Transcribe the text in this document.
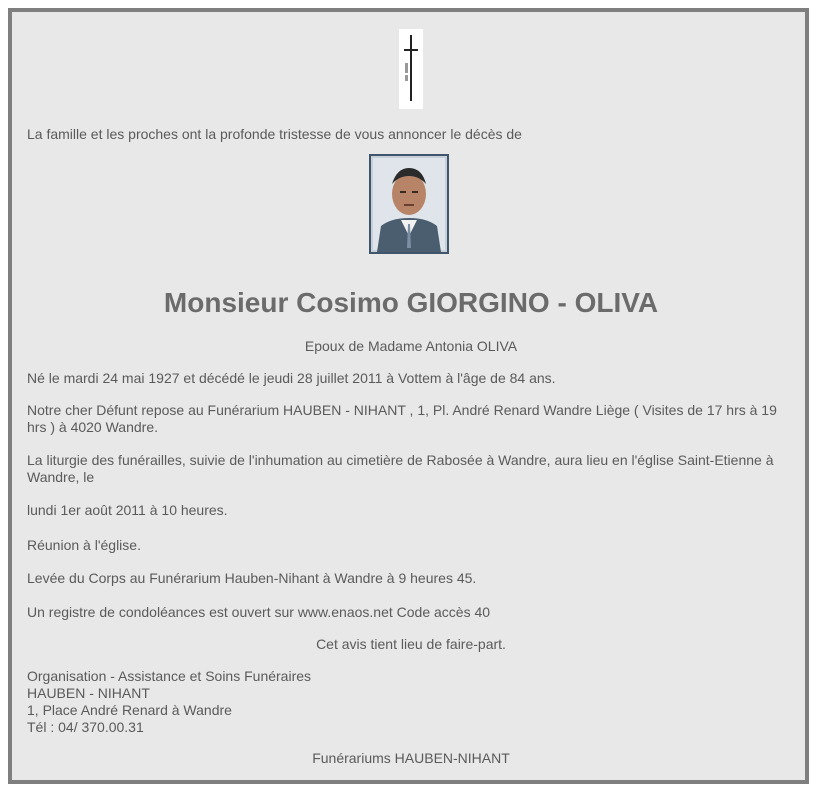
La famille et les proches ont la profonde tristesse de vous annoncer le décès de
Monsieur Cosimo GIORGINO - OLIVA
Epoux de Madame Antonia OLIVA
Né le mardi 24 mai 1927 et décédé le jeudi 28 juillet 2011 à Vottem à l'âge de 84 ans.
Notre cher Défunt repose au Funérarium HAUBEN - NIHANT , 1, Pl. André Renard Wandre Liège ( Visites de 17 hrs à 19 hrs ) à 4020 Wandre.
La liturgie des funérailles, suivie de l'inhumation au cimetière de Rabosée à Wandre, aura lieu en l'église Saint-Etienne à Wandre, le
lundi 1er août 2011 à 10 heures.
Réunion à l'église.
Levée du Corps au Funérarium Hauben-Nihant à Wandre à 9 heures 45.
Un registre de condoléances est ouvert sur www.enaos.net Code accès 40
Cet avis tient lieu de faire-part.
Organisation - Assistance et Soins Funéraires
HAUBEN - NIHANT
1, Place André Renard à Wandre
Tél : 04/ 370.00.31
Funérariums HAUBEN-NIHANT
